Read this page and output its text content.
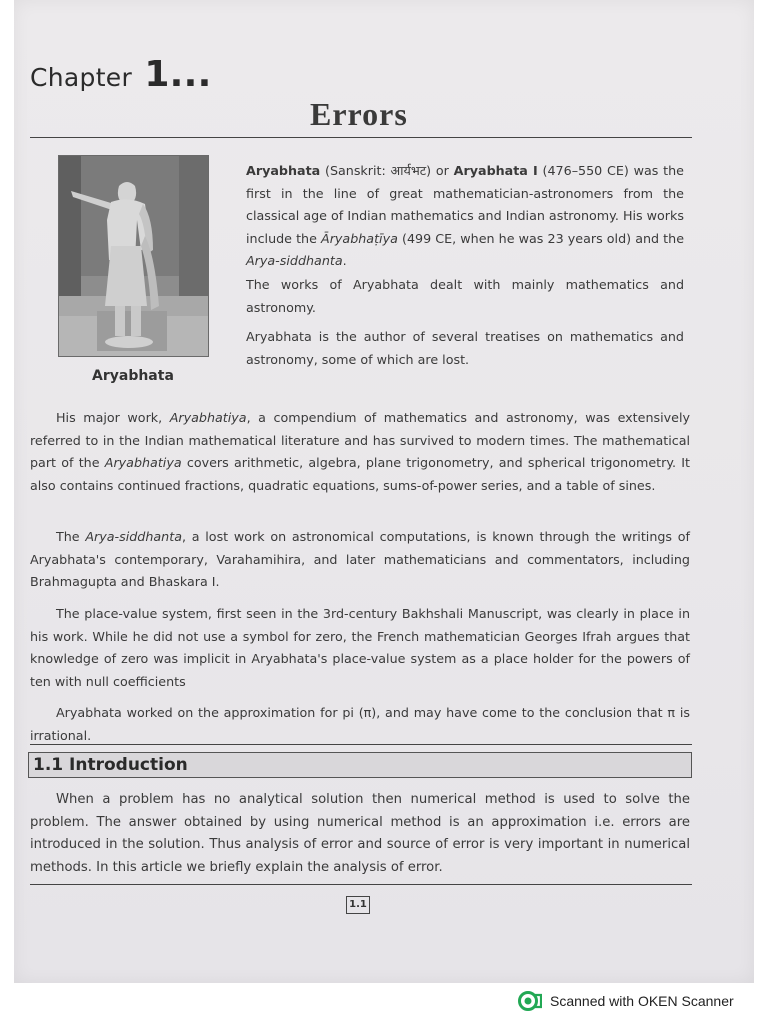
Chapter 1...
Errors
Aryabhata

Aryabhata (Sanskrit: आर्यभट) or Aryabhata I (476–550 CE) was the first in the line of great mathematician-astronomers from the classical age of Indian mathematics and Indian astronomy. His works include the Āryabhaṭīya (499 CE, when he was 23 years old) and the Arya-siddhanta.

The works of Aryabhata dealt with mainly mathematics and astronomy.

Aryabhata is the author of several treatises on mathematics and astronomy, some of which are lost.

His major work, Aryabhatiya, a compendium of mathematics and astronomy, was extensively referred to in the Indian mathematical literature and has survived to modern times. The mathematical part of the Aryabhatiya covers arithmetic, algebra, plane trigonometry, and spherical trigonometry. It also contains continued fractions, quadratic equations, sums-of-power series, and a table of sines.

The Arya-siddhanta, a lost work on astronomical computations, is known through the writings of Aryabhata's contemporary, Varahamihira, and later mathematicians and commentators, including Brahmagupta and Bhaskara I.

The place-value system, first seen in the 3rd-century Bakhshali Manuscript, was clearly in place in his work. While he did not use a symbol for zero, the French mathematician Georges Ifrah argues that knowledge of zero was implicit in Aryabhata's place-value system as a place holder for the powers of ten with null coefficients

Aryabhata worked on the approximation for pi (π), and may have come to the conclusion that π is irrational.

1.1 Introduction

When a problem has no analytical solution then numerical method is used to solve the problem. The answer obtained by using numerical method is an approximation i.e. errors are introduced in the solution. Thus analysis of error and source of error is very important in numerical methods. In this article we briefly explain the analysis of error.

1.1
Scanned with OKEN Scanner
